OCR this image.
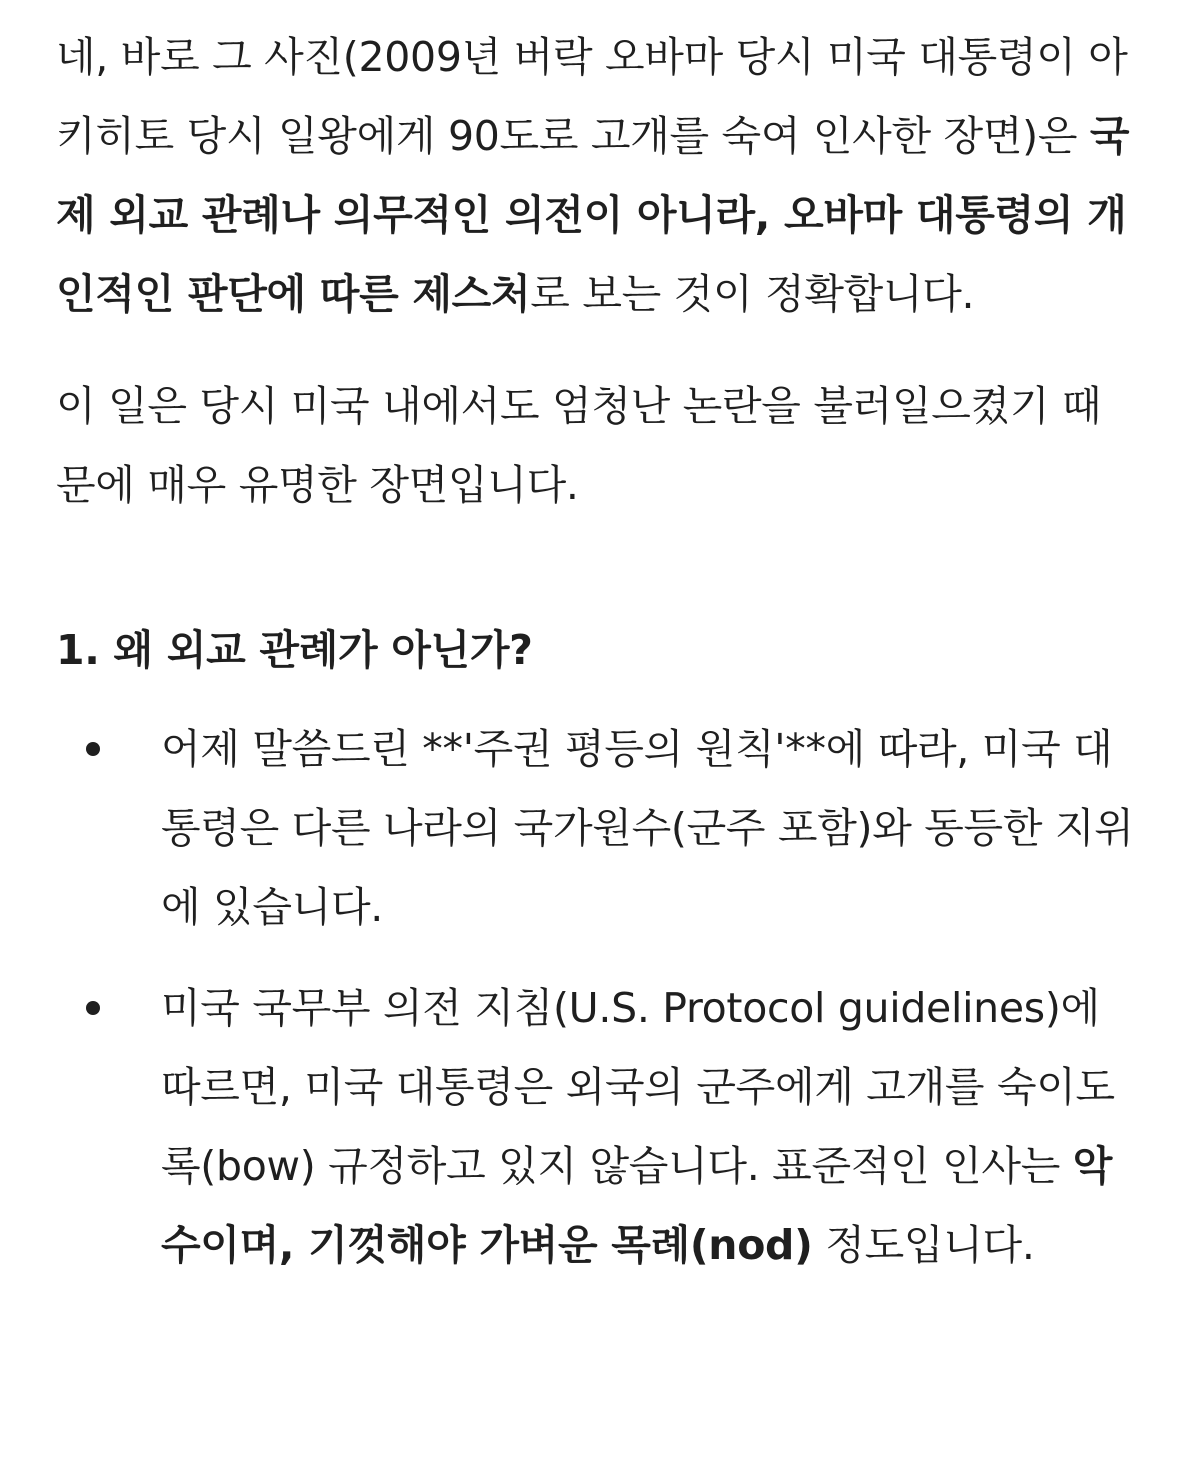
네, 바로 그 사진(2009년 버락 오바마 당시 미국 대통령이 아키히토 당시 일왕에게 90도로 고개를 숙여 인사한 장면)은 국제 외교 관례나 의무적인 의전이 아니라, 오바마 대통령의 개인적인 판단에 따른 제스처로 보는 것이 정확합니다.

이 일은 당시 미국 내에서도 엄청난 논란을 불러일으켰기 때문에 매우 유명한 장면입니다.

1. 왜 외교 관례가 아닌가?
어제 말씀드린 **'주권 평등의 원칙'**에 따라, 미국 대통령은 다른 나라의 국가원수(군주 포함)와 동등한 지위에 있습니다.
미국 국무부 의전 지침(U.S. Protocol guidelines)에 따르면, 미국 대통령은 외국의 군주에게 고개를 숙이도록(bow) 규정하고 있지 않습니다. 표준적인 인사는 악수이며, 기껏해야 가벼운 목례(nod) 정도입니다.
